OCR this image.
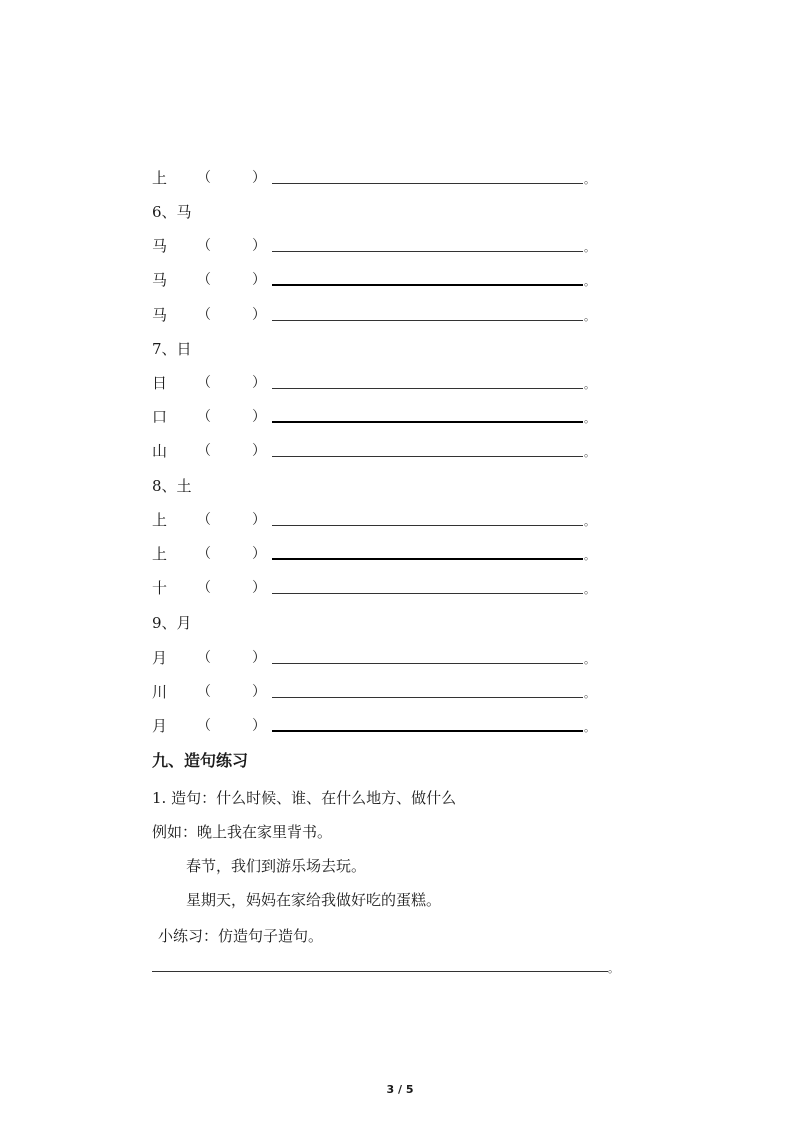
上 （	）	。
6、马
马 （	）	。
马 （	）	。
马 （	）	。
7、日
日 （	）	。
口 （	）	。
山 （	）	。
8、土
上 （	）	。
上 （	）	。
十 （	）	。
9、月
月 （	）	。
川 （	）	。
月 （	）	。
九、造句练习
1. 造句：什么时候、谁、在什么地方、做什么
例如：晚上我在家里背书。
春节，我们到游乐场去玩。
星期天，妈妈在家给我做好吃的蛋糕。
小练习：仿造句子造句。
。
3 / 5
